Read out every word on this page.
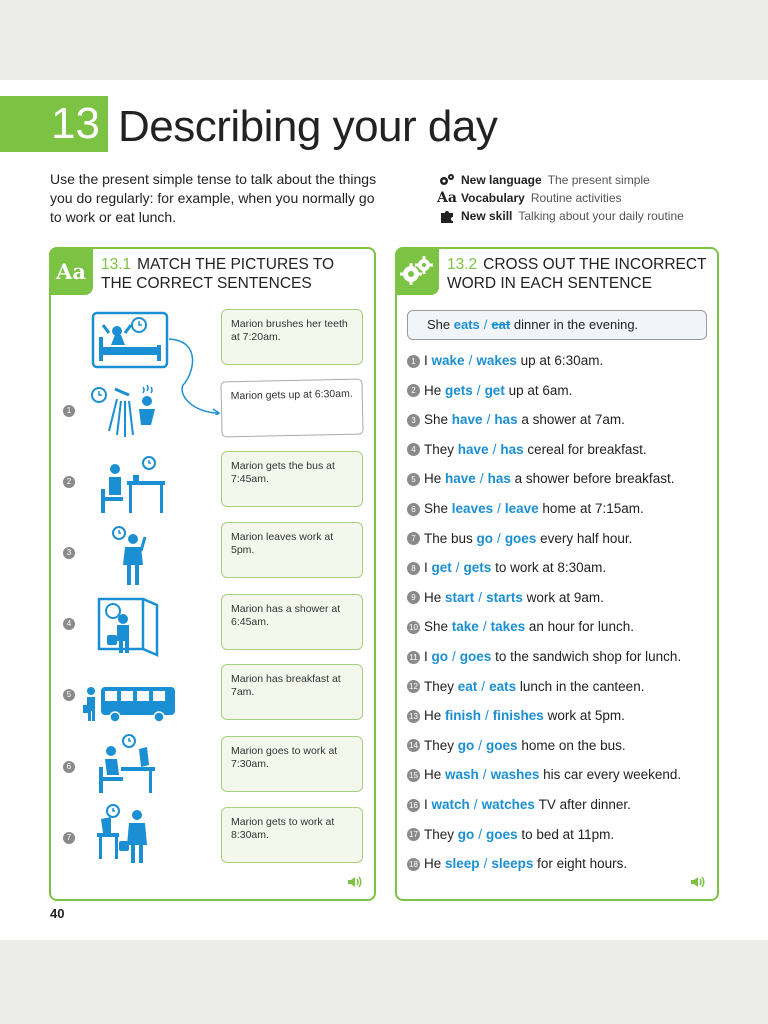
13 Describing your day
Use the present simple tense to talk about the things you do regularly: for example, when you normally go to work or eat lunch.
New language The present simple
Aa Vocabulary Routine activities
New skill Talking about your daily routine
Aa 13.1 MATCH THE PICTURES TO THE CORRECT SENTENCES
Marion brushes her teeth at 7:20am.
Marion gets up at 6:30am.
1
Marion gets the bus at 7:45am.
2
Marion leaves work at 5pm.
3
Marion has a shower at 6:45am.
4
Marion has breakfast at 7am.
5
Marion goes to work at 7:30am.
6
Marion gets to work at 8:30am.
7
13.2 CROSS OUT THE INCORRECT WORD IN EACH SENTENCE
She eats / eat dinner in the evening.
1 I
wake / wakes
up at 6:30am.
2 He
gets / get
up at 6am.
3 She
have / has
a shower at 7am.
4 They
have / has
cereal for breakfast.
5 He
have / has
a shower before breakfast.
6 She
leaves / leave
home at 7:15am.
7 The bus
go / goes
every half hour.
8 I
get / gets
to work at 8:30am.
9 He
start / starts
work at 9am.
10 She
take / takes
an hour for lunch.
11 I
go / goes
to the sandwich shop for lunch.
12 They
eat / eats
lunch in the canteen.
13 He
finish / finishes
work at 5pm.
14 They
go / goes
home on the bus.
15 He
wash / washes
his car every weekend.
16 I
watch / watches
TV after dinner.
17 They
go / goes
to bed at 11pm.
18 He
sleep / sleeps
for eight hours.
40
